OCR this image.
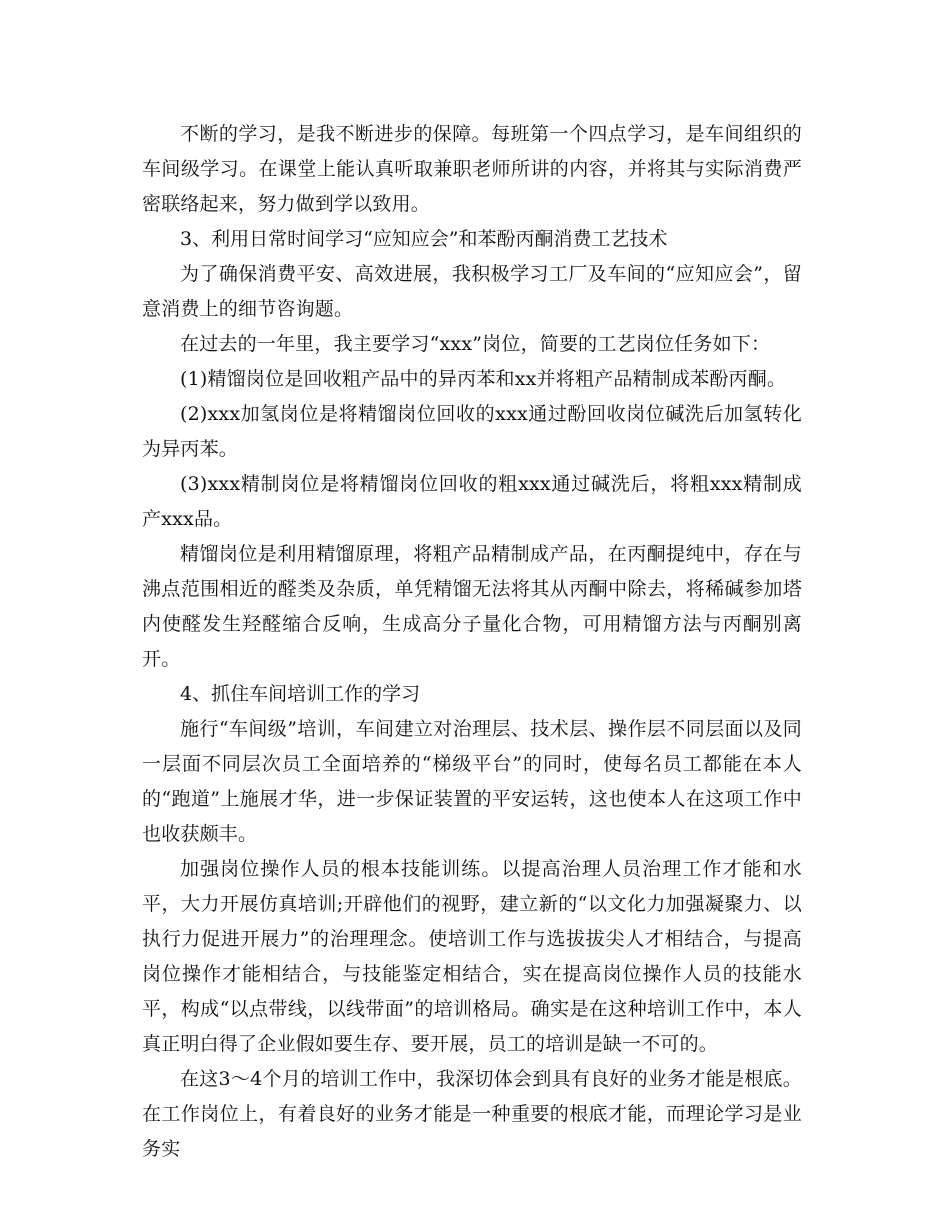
不断的学习，是我不断进步的保障。每班第一个四点学习，是车间组织的车间级学习。在课堂上能认真听取兼职老师所讲的内容，并将其与实际消费严密联络起来，努力做到学以致用。

3、利用日常时间学习“应知应会”和苯酚丙酮消费工艺技术

为了确保消费平安、高效进展，我积极学习工厂及车间的“应知应会”，留意消费上的细节咨询题。

在过去的一年里，我主要学习“xxx”岗位，简要的工艺岗位任务如下：

(1)精馏岗位是回收粗产品中的异丙苯和xx并将粗产品精制成苯酚丙酮。

(2)xxx加氢岗位是将精馏岗位回收的xxx通过酚回收岗位碱洗后加氢转化为异丙苯。

(3)xxx精制岗位是将精馏岗位回收的粗xxx通过碱洗后，将粗xxx精制成产xxx品。

精馏岗位是利用精馏原理，将粗产品精制成产品，在丙酮提纯中，存在与沸点范围相近的醛类及杂质，单凭精馏无法将其从丙酮中除去，将稀碱参加塔内使醛发生羟醛缩合反响，生成高分子量化合物，可用精馏方法与丙酮别离开。

4、抓住车间培训工作的学习

施行“车间级”培训，车间建立对治理层、技术层、操作层不同层面以及同一层面不同层次员工全面培养的“梯级平台”的同时，使每名员工都能在本人的“跑道”上施展才华，进一步保证装置的平安运转，这也使本人在这项工作中也收获颇丰。

加强岗位操作人员的根本技能训练。以提高治理人员治理工作才能和水平，大力开展仿真培训;开辟他们的视野，建立新的“以文化力加强凝聚力、以执行力促进开展力”的治理理念。使培训工作与选拔拔尖人才相结合，与提高岗位操作才能相结合，与技能鉴定相结合，实在提高岗位操作人员的技能水平，构成“以点带线，以线带面”的培训格局。确实是在这种培训工作中，本人真正明白得了企业假如要生存、要开展，员工的培训是缺一不可的。

在这3～4个月的培训工作中，我深切体会到具有良好的业务才能是根底。在工作岗位上，有着良好的业务才能是一种重要的根底才能，而理论学习是业务实
